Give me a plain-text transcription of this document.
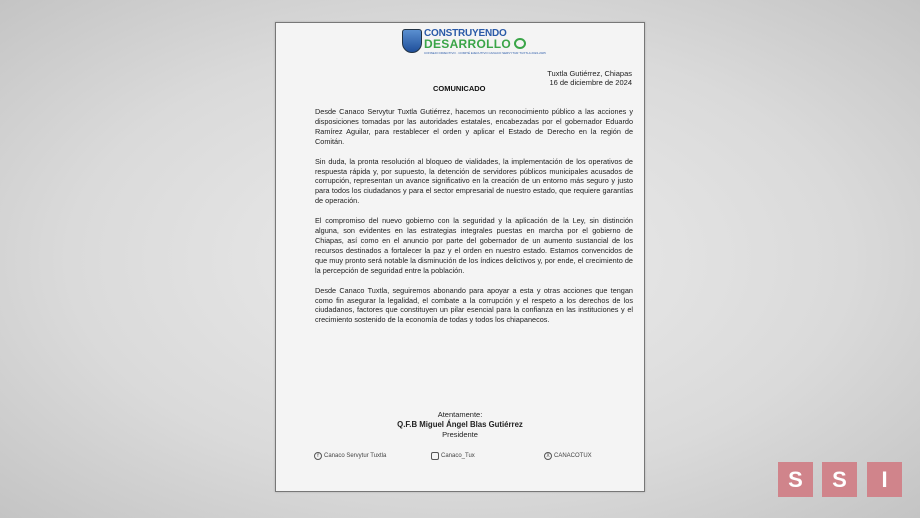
CONSTRUYENDO
DESARROLLO
CONSEJO DIRECTIVO · COMITÉ EJECUTIVO CANACO SERVYTUR TUXTLA 2024-2025
Tuxtla Gutiérrez, Chiapas
16 de diciembre de 2024
COMUNICADO

Desde Canaco Servytur Tuxtla Gutiérrez, hacemos un reconocimiento público a las acciones y disposiciones tomadas por las autoridades estatales, encabezadas por el gobernador Eduardo Ramírez Aguilar, para restablecer el orden y aplicar el Estado de Derecho en la región de Comitán.

Sin duda, la pronta resolución al bloqueo de vialidades, la implementación de los operativos de respuesta rápida y, por supuesto, la detención de servidores públicos municipales acusados de corrupción, representan un avance significativo en la creación de un entorno más seguro y justo para todos los ciudadanos y para el sector empresarial de nuestro estado, que requiere garantías de operación.

El compromiso del nuevo gobierno con la seguridad y la aplicación de la Ley, sin distinción alguna, son evidentes en las estrategias integrales puestas en marcha por el gobierno de Chiapas, así como en el anuncio por parte del gobernador de un aumento sustancial de los recursos destinados a fortalecer la paz y el orden en nuestro estado. Estamos convencidos de que muy pronto será notable la disminución de los índices delictivos y, por ende, el crecimiento de la percepción de seguridad entre la población.

Desde Canaco Tuxtla, seguiremos abonando para apoyar a esta y otras acciones que tengan como fin asegurar la legalidad, el combate a la corrupción y el respeto a los derechos de los ciudadanos, factores que constituyen un pilar esencial para la confianza en las instituciones y el crecimiento sostenido de la economía de todas y todos los chiapanecos.

Atentamente:
Q.F.B Miguel Ángel Blas Gutiérrez
Presidente
f Canaco Servytur Tuxtla	Canaco_Tux	X CANACOTUX
S	S	I
